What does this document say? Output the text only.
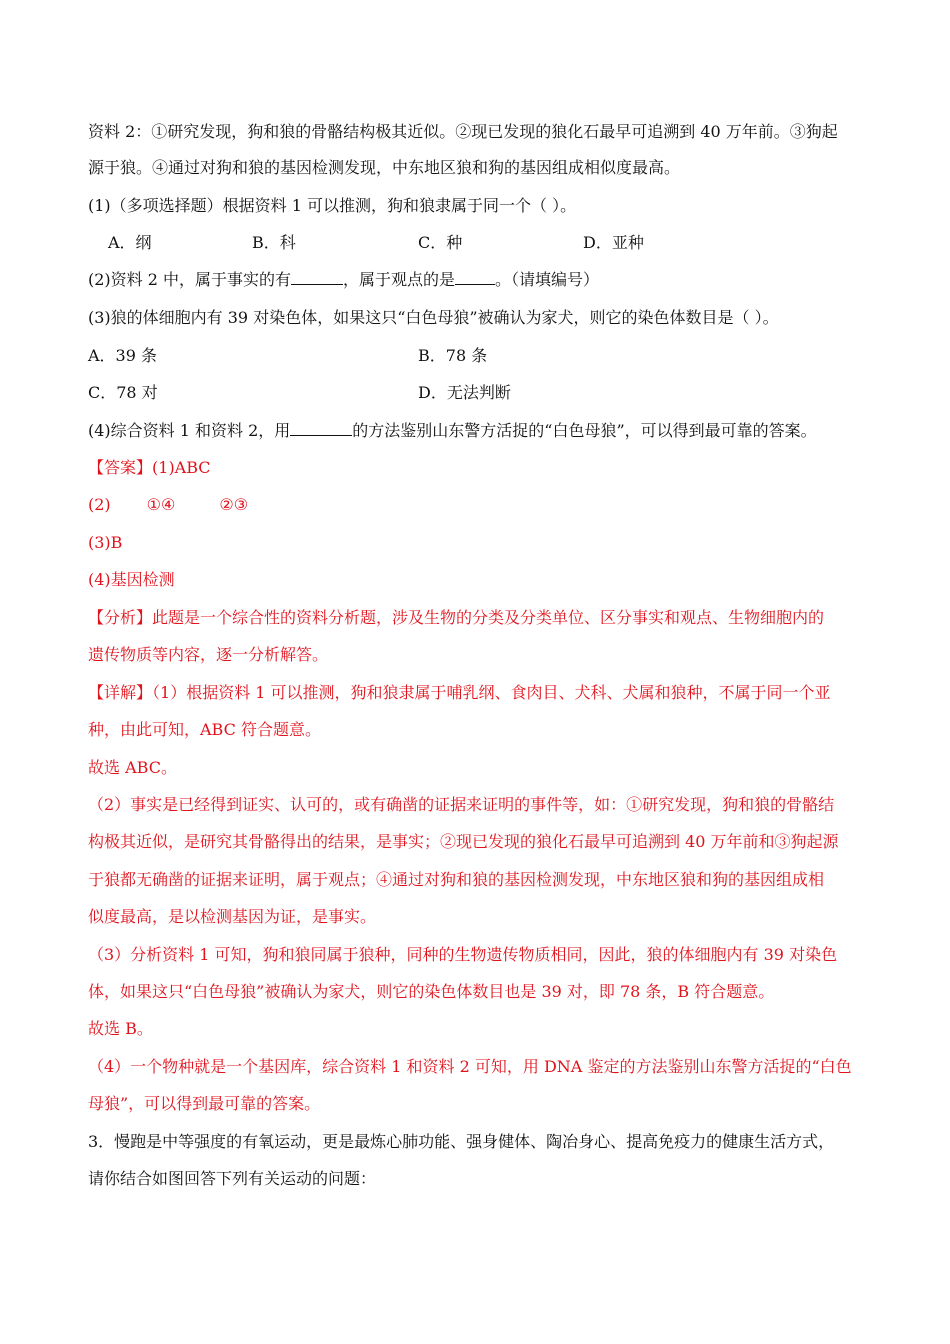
资料 2：①研究发现，狗和狼的骨骼结构极其近似。②现已发现的狼化石最早可追溯到 40 万年前。③狗起
源于狼。④通过对狗和狼的基因检测发现，中东地区狼和狗的基因组成相似度最高。
(1)（多项选择题）根据资料 1 可以推测，狗和狼隶属于同一个（ ）。
A．纲	B．科	C．种	D．亚种
(2)资料 2 中，属于事实的有	，属于观点的是	。（请填编号）
(3)狼的体细胞内有 39 对染色体，如果这只“白色母狼”被确认为家犬，则它的染色体数目是（ ）。
A．39 条	B．78 条
C．78 对	D．无法判断
(4)综合资料 1 和资料 2，用	的方法鉴别山东警方活捉的“白色母狼”，可以得到最可靠的答案。
【答案】(1)ABC
(2) ①④	②③
(3)B
(4)基因检测
【分析】此题是一个综合性的资料分析题，涉及生物的分类及分类单位、区分事实和观点、生物细胞内的
遗传物质等内容，逐一分析解答。
【详解】（1）根据资料 1 可以推测，狗和狼隶属于哺乳纲、食肉目、犬科、犬属和狼种，不属于同一个亚
种，由此可知，ABC 符合题意。
故选 ABC。
（2）事实是已经得到证实、认可的，或有确凿的证据来证明的事件等，如：①研究发现，狗和狼的骨骼结
构极其近似，是研究其骨骼得出的结果，是事实；②现已发现的狼化石最早可追溯到 40 万年前和③狗起源
于狼都无确凿的证据来证明，属于观点；④通过对狗和狼的基因检测发现，中东地区狼和狗的基因组成相
似度最高，是以检测基因为证，是事实。
（3）分析资料 1 可知，狗和狼同属于狼种，同种的生物遗传物质相同，因此，狼的体细胞内有 39 对染色
体，如果这只“白色母狼”被确认为家犬，则它的染色体数目也是 39 对，即 78 条，B 符合题意。
故选 B。
（4）一个物种就是一个基因库，综合资料 1 和资料 2 可知，用 DNA 鉴定的方法鉴别山东警方活捉的“白色
母狼”，可以得到最可靠的答案。
3．慢跑是中等强度的有氧运动，更是最炼心肺功能、强身健体、陶冶身心、提高免疫力的健康生活方式，
请你结合如图回答下列有关运动的问题：
